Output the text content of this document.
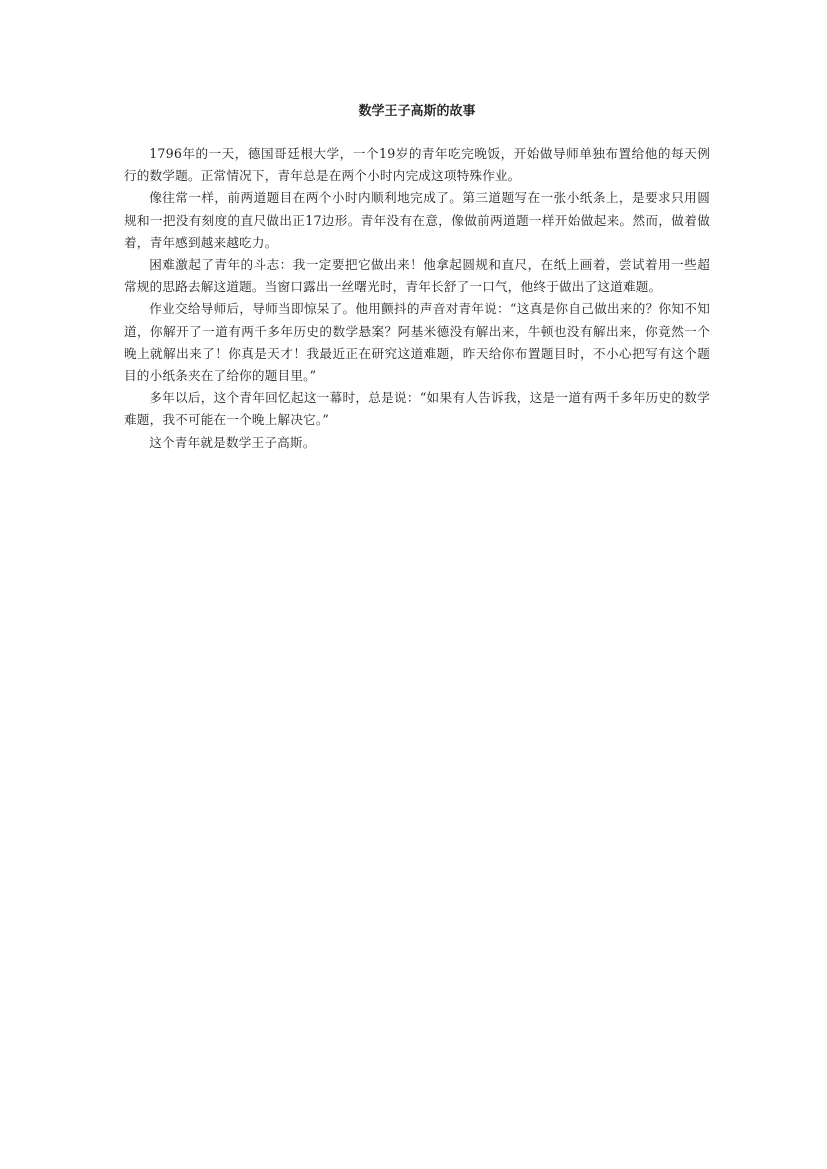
数学王子高斯的故事

1796年的一天，德国哥廷根大学，一个19岁的青年吃完晚饭，开始做导师单独布置给他的每天例行的数学题。正常情况下，青年总是在两个小时内完成这项特殊作业。

像往常一样，前两道题目在两个小时内顺利地完成了。第三道题写在一张小纸条上，是要求只用圆规和一把没有刻度的直尺做出正17边形。青年没有在意，像做前两道题一样开始做起来。然而，做着做着，青年感到越来越吃力。

困难激起了青年的斗志：我一定要把它做出来！他拿起圆规和直尺，在纸上画着，尝试着用一些超常规的思路去解这道题。当窗口露出一丝曙光时，青年长舒了一口气，他终于做出了这道难题。

作业交给导师后，导师当即惊呆了。他用颤抖的声音对青年说：“这真是你自己做出来的？你知不知道，你解开了一道有两千多年历史的数学悬案？阿基米德没有解出来，牛顿也没有解出来，你竟然一个晚上就解出来了！你真是天才！我最近正在研究这道难题，昨天给你布置题目时，不小心把写有这个题目的小纸条夹在了给你的题目里。”

多年以后，这个青年回忆起这一幕时，总是说：“如果有人告诉我，这是一道有两千多年历史的数学难题，我不可能在一个晚上解决它。”

这个青年就是数学王子高斯。
